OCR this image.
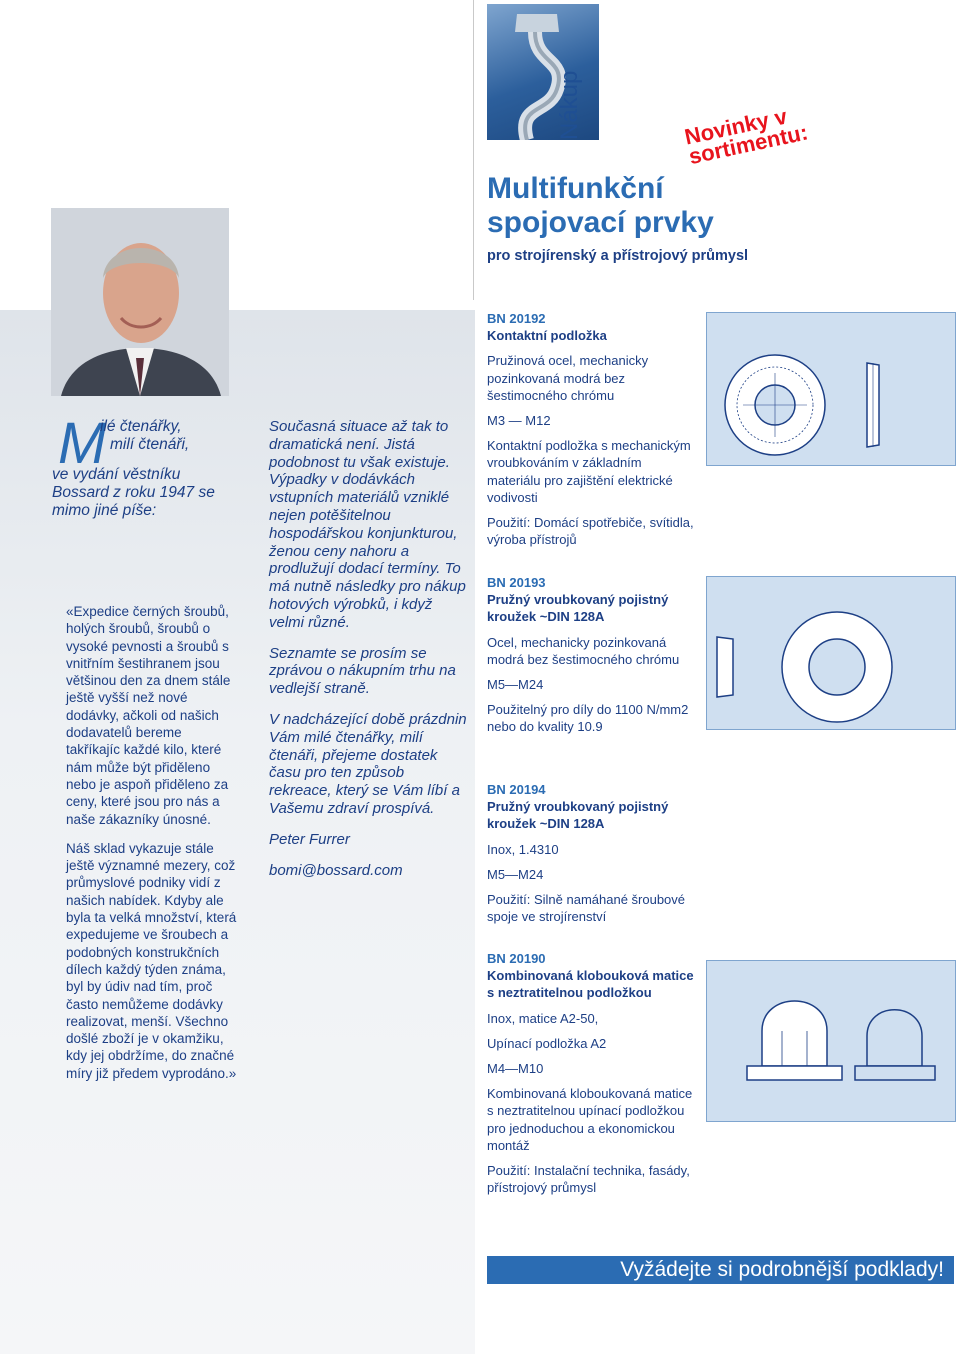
Nákup	Novinky v sortimentu:
Multifunkční
spojovací prvky
pro strojírenský a přístrojový průmysl
M
ilé čtenářky,
milí čtenáři,
ve vydání věstníku Bossard z roku 1947 se mimo jiné píše:

«Expedice černých šroubů, holých šroubů, šroubů o vysoké pevnosti a šroubů s vnitřním šestihranem jsou většinou den za dnem stále ještě vyšší než nové dodávky, ačkoli od našich dodavatelů bereme takříkajíc každé kilo, které nám může být přiděleno nebo je aspoň přiděleno za ceny, které jsou pro nás a naše zákazníky únosné.

Náš sklad vykazuje stále ještě významné mezery, což průmyslové podniky vidí z našich nabídek. Kdyby ale byla ta velká množství, která expedujeme ve šroubech a podobných konstrukčních dílech každý týden známa, byl by údiv nad tím, proč často nemůžeme dodávky realizovat, menší. Všechno došlé zboží je v okamžiku, kdy jej obdržíme, do značné míry již předem vyprodáno.»

Současná situace až tak to dramatická není. Jistá podobnost tu však existuje. Výpadky v dodávkách vstupních materiálů vzniklé nejen potěšitelnou hospodářskou konjunkturou, ženou ceny nahoru a prodlužují dodací termíny. To má nutně následky pro nákup hotových výrobků, i když velmi různé.

Seznamte se prosím se zprávou o nákupním trhu na vedlejší straně.

V nadcházející době prázdnin Vám milé čtenářky, milí čtenáři, přejeme dostatek času pro ten způsob rekreace, který se Vám líbí a Vašemu zdraví prospívá.

Peter Furrer

bomi@bossard.com

BN 20192
Kontaktní podložka
Pružinová ocel, mechanicky pozinkovaná modrá bez šestimocného chrómu
M3 — M12
Kontaktní podložka s mechanickým vroubkováním v základním materiálu pro zajištění elektrické vodivosti
Použití: Domácí spotřebiče, svítidla, výroba přístrojů
BN 20193
Pružný vroubkovaný pojistný kroužek ~DIN 128A
Ocel, mechanicky pozinkovaná modrá bez šestimocného chrómu
M5—M24
Použitelný pro díly do 1100 N/mm2 nebo do kvality 10.9
BN 20194
Pružný vroubkovaný pojistný kroužek ~DIN 128A
Inox, 1.4310
M5—M24
Použití: Silně namáhané šroubové spoje ve strojírenství
BN 20190
Kombinovaná klobouková matice s neztratitelnou podložkou
Inox, matice A2-50,
Upínací podložka A2
M4—M10
Kombinovaná kloboukovaná matice s neztratitelnou upínací podložkou pro jednoduchou a ekonomickou montáž
Použití: Instalační technika, fasády, přístrojový průmysl
Vyžádejte si podrobnější podklady!
